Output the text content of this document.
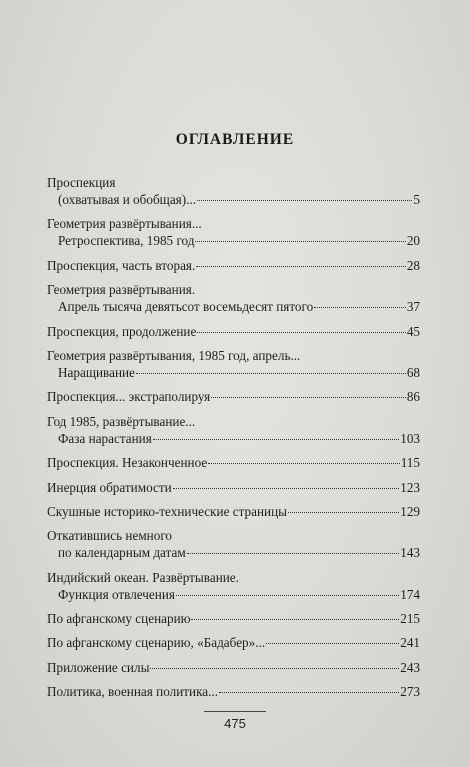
ОГЛАВЛЕНИЕ
Проспекция
(охватывая и обобщая)...	5
Геометрия развёртывания...
Ретроспектива, 1985 год	20
Проспекция, часть вторая.	28
Геометрия развёртывания.
Апрель тысяча девятьсот восемьдесят пятого	37
Проспекция, продолжение	45
Геометрия развёртывания, 1985 год, апрель...
Наращивание	68
Проспекция... экстраполируя	86
Год 1985, развёртывание...
Фаза нарастания	103
Проспекция. Незаконченное	115
Инерция обратимости	123
Скушные историко-технические страницы	129
Откатившись немного
по календарным датам	143
Индийский океан. Развёртывание.
Функция отвлечения	174
По афганскому сценарию	215
По афганскому сценарию, «Бадабер»...	241
Приложение силы	243
Политика, военная политика...	273
475
